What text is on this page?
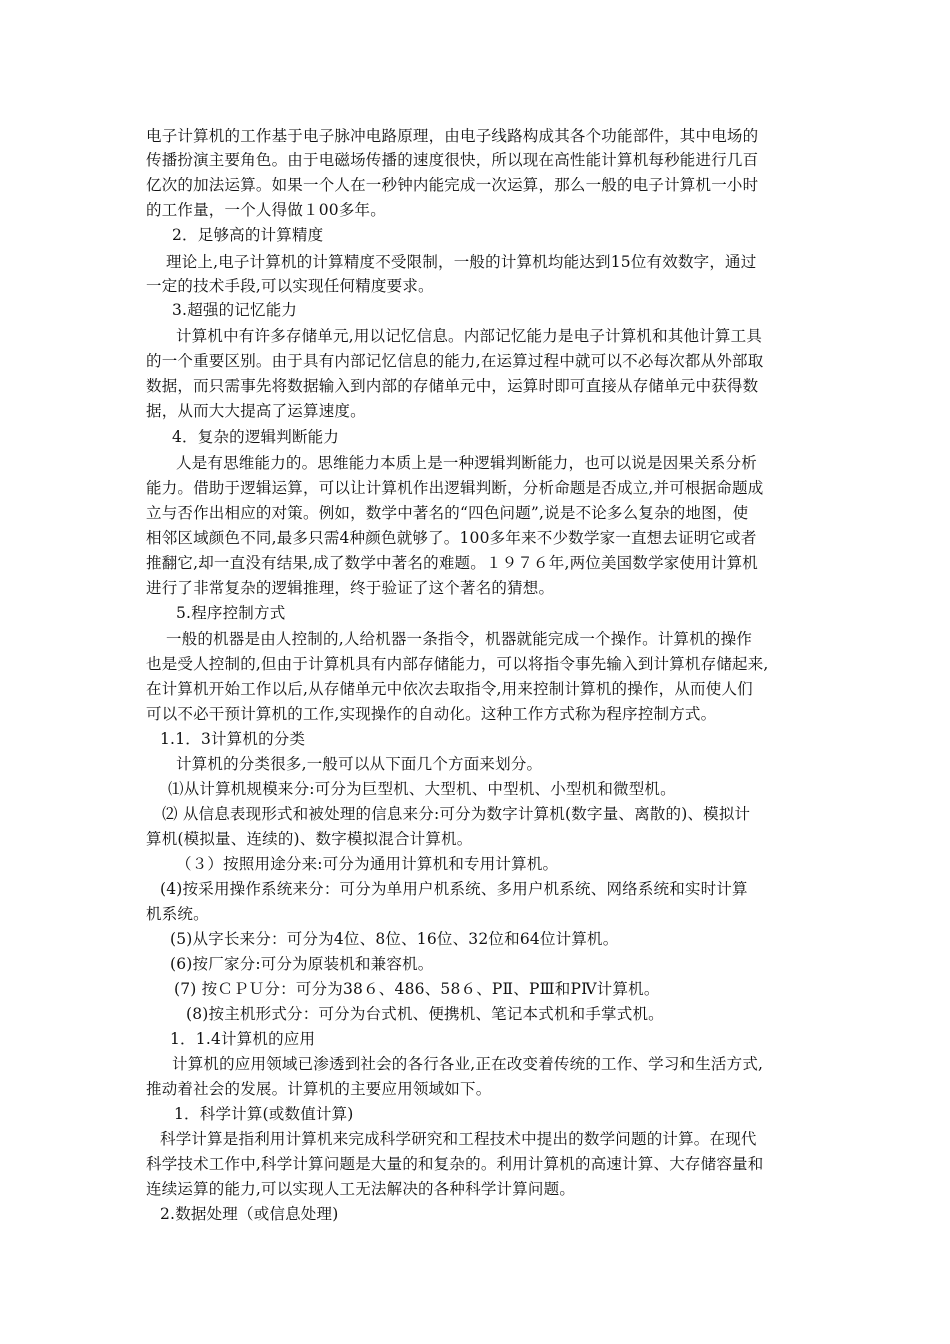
电子计算机的工作基于电子脉冲电路原理，由电子线路构成其各个功能部件，其中电场的
传播扮演主要角色。由于电磁场传播的速度很快，所以现在高性能计算机每秒能进行几百
亿次的加法运算。如果一个人在一秒钟内能完成一次运算，那么一般的电子计算机一小时
的工作量，一个人得做１00多年。
2．足够高的计算精度
理论上,电子计算机的计算精度不受限制，一般的计算机均能达到15位有效数字，通过
一定的技术手段,可以实现任何精度要求。
3.超强的记忆能力
计算机中有许多存储单元,用以记忆信息。内部记忆能力是电子计算机和其他计算工具
的一个重要区别。由于具有内部记忆信息的能力,在运算过程中就可以不必每次都从外部取
数据，而只需事先将数据输入到内部的存储单元中，运算时即可直接从存储单元中获得数
据，从而大大提高了运算速度。
4．复杂的逻辑判断能力
人是有思维能力的。思维能力本质上是一种逻辑判断能力，也可以说是因果关系分析
能力。借助于逻辑运算，可以让计算机作出逻辑判断，分析命题是否成立,并可根据命题成
立与否作出相应的对策。例如，数学中著名的“四色问题”,说是不论多么复杂的地图，使
相邻区域颜色不同,最多只需4种颜色就够了。100多年来不少数学家一直想去证明它或者
推翻它,却一直没有结果,成了数学中著名的难题。１９７６年,两位美国数学家使用计算机
进行了非常复杂的逻辑推理，终于验证了这个著名的猜想。
5.程序控制方式
一般的机器是由人控制的,人给机器一条指令，机器就能完成一个操作。计算机的操作
也是受人控制的,但由于计算机具有内部存储能力，可以将指令事先输入到计算机存储起来,
在计算机开始工作以后,从存储单元中依次去取指令,用来控制计算机的操作，从而使人们
可以不必干预计算机的工作,实现操作的自动化。这种工作方式称为程序控制方式。
1.1．3计算机的分类
计算机的分类很多,一般可以从下面几个方面来划分。
⑴从计算机规模来分:可分为巨型机、大型机、中型机、小型机和微型机。
⑵ 从信息表现形式和被处理的信息来分:可分为数字计算机(数字量、离散的)、模拟计
算机(模拟量、连续的)、数字模拟混合计算机。
（３）按照用途分来:可分为通用计算机和专用计算机。
(4)按采用操作系统来分：可分为单用户机系统、多用户机系统、网络系统和实时计算
机系统。
(5)从字长来分：可分为4位、8位、16位、32位和64位计算机。
(6)按厂家分:可分为原装机和兼容机。
(7) 按ＣＰＵ分：可分为38６、486、58６、PⅡ、PⅢ和PⅣ计算机。
(8)按主机形式分：可分为台式机、便携机、笔记本式机和手掌式机。
1．1.4计算机的应用
计算机的应用领域已渗透到社会的各行各业,正在改变着传统的工作、学习和生活方式,
推动着社会的发展。计算机的主要应用领域如下。
1．科学计算(或数值计算)
科学计算是指利用计算机来完成科学研究和工程技术中提出的数学问题的计算。在现代
科学技术工作中,科学计算问题是大量的和复杂的。利用计算机的高速计算、大存储容量和
连续运算的能力,可以实现人工无法解决的各种科学计算问题。
2.数据处理（或信息处理)
